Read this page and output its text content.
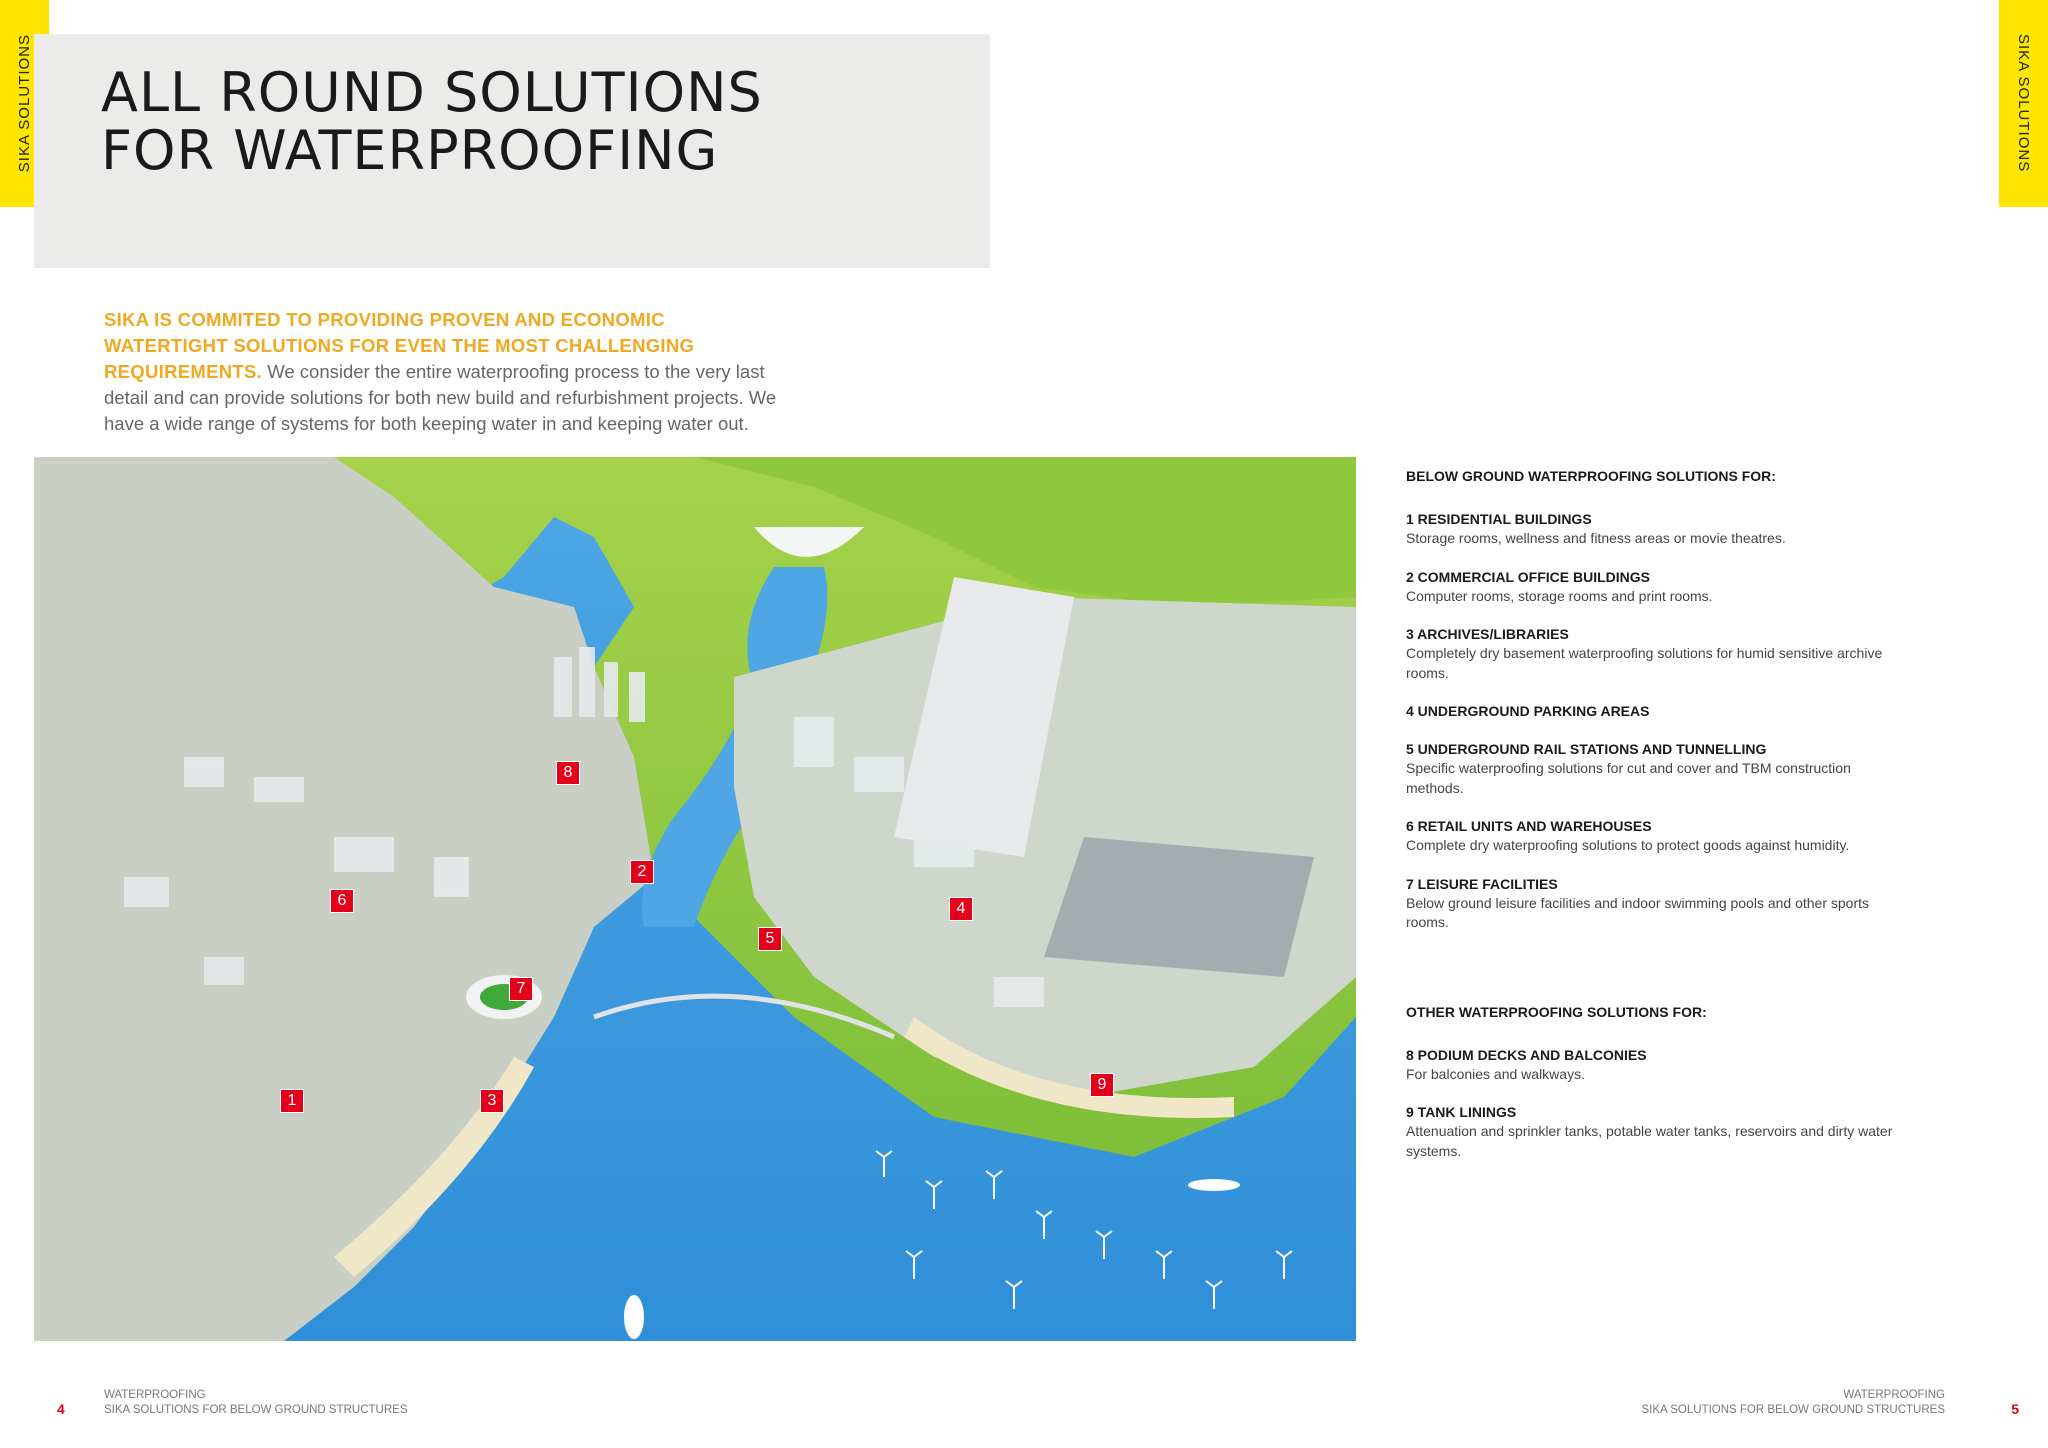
SIKA SOLUTIONS	SIKA SOLUTIONS
ALL ROUND SOLUTIONS
FOR WATERPROOFING
SIKA IS COMMITED TO PROVIDING PROVEN AND ECONOMIC WATERTIGHT SOLUTIONS FOR EVEN THE MOST CHALLENGING REQUIREMENTS. We consider the entire waterproofing process to the very last detail and can provide solutions for both new build and refurbishment projects. We have a wide range of systems for both keeping water in and keeping water out.
1
2
3
4
5
6
7
8
9
BELOW GROUND WATERPROOFING SOLUTIONS FOR:
1 RESIDENTIAL BUILDINGS
Storage rooms, wellness and fitness areas or movie theatres.
2 COMMERCIAL OFFICE BUILDINGS
Computer rooms, storage rooms and print rooms.
3 ARCHIVES/LIBRARIES
Completely dry basement waterproofing solutions for humid sensitive archive rooms.
4 UNDERGROUND PARKING AREAS
5 UNDERGROUND RAIL STATIONS AND TUNNELLING
Specific waterproofing solutions for cut and cover and TBM construction methods.
6 RETAIL UNITS AND WAREHOUSES
Complete dry waterproofing solutions to protect goods against humidity.
7 LEISURE FACILITIES
Below ground leisure facilities and indoor swimming pools and other sports rooms.
OTHER WATERPROOFING SOLUTIONS FOR:
8 PODIUM DECKS AND BALCONIES
For balconies and walkways.
9 TANK LININGS
Attenuation and sprinkler tanks, potable water tanks, reservoirs and dirty water systems.
4
WATERPROOFING
SIKA SOLUTIONS FOR BELOW GROUND STRUCTURES
WATERPROOFING
SIKA SOLUTIONS FOR BELOW GROUND STRUCTURES	5
